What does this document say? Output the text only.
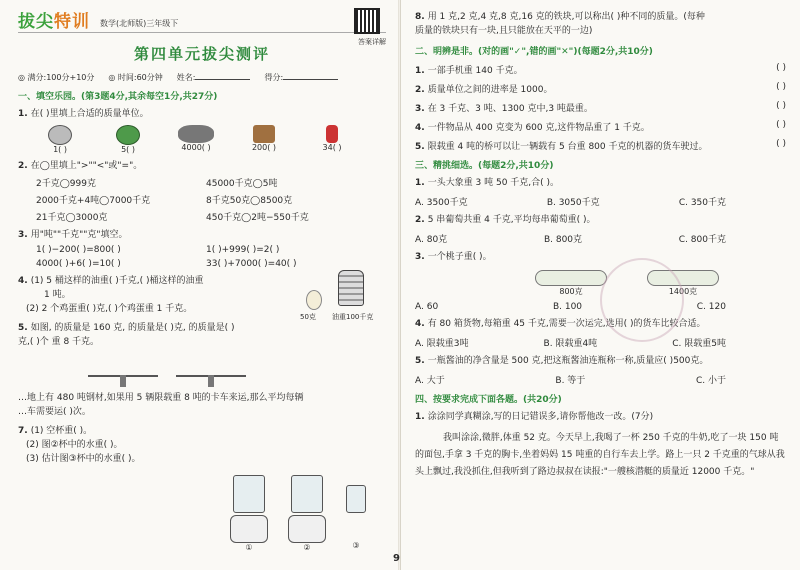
拔尖特训 数学(北师版)三年级下
答案详解
第四单元拔尖测评
◎ 满分:100分+10分 ◎ 时间:60分钟 姓名:	得分:
一、填空乐园。(第3题4分,其余每空1分,共27分)
1. 在( )里填上合适的质量单位。
1( )	5( )	4000( )	200( )	34( )
2. 在◯里填上">""<"或"="。
2千克◯999克	45000千克◯5吨
2000千克+4吨◯7000千克	8千克50克◯8500克
21千克◯3000克	450千克◯2吨−550千克
3. 用"吨""千克""克"填空。
1( )−200( )=800( )	1( )+999( )=2( )
4000( )+6( )=10( )	33( )+7000( )=40( )
4. (1) 5 桶这样的油重( )千克,( )桶这样的油重
1 吨。
(2) 2 个鸡蛋重( )克,( )个鸡蛋重 1 千克。
50克 油重100千克
5. 如图, 的质量是 160 克, 的质量是( )克, 的质量是( )
克,( )个 重 8 千克。
…地上有 480 吨钢材,如果用 5 辆限载重 8 吨的卡车来运,那么平均每辆
…车需要运( )次。
7. (1) 空杯重( )。
(2) 图②杯中的水重( )。
(3) 估计图③杯中的水重( )。
①	②	③
8. 用 1 克,2 克,4 克,8 克,16 克的铁块,可以称出( )种不同的质量。(每种
质量的铁块只有一块,且只能放在天平的一边)
二、明辨是非。(对的画"✓",错的画"✕")(每题2分,共10分)
1. 一部手机重 140 千克。	( )
2. 质量单位之间的进率是 1000。	( )
3. 在 3 千克、3 吨、1300 克中,3 吨最重。	( )
4. 一件物品从 400 克变为 600 克,这件物品重了 1 千克。	( )
5. 限载重 4 吨的桥可以让一辆载有 5 台重 800 千克的机器的货车驶过。	( )
三、精挑细选。(每题2分,共10分)
1. 一头大象重 3 吨 50 千克,合( )。
A. 3500千克	B. 3050千克	C. 350千克
2. 5 串葡萄共重 4 千克,平均每串葡萄重( )。
A. 80克	B. 800克	C. 800千克
3. 一个桃子重( )。
800克	1400克
A. 60	B. 100	C. 120
4. 有 80 箱货物,每箱重 45 千克,需要一次运完,选用( )的货车比较合适。
A. 限载重3吨	B. 限载重4吨	C. 限载重5吨
5. 一瓶酱油的净含量是 500 克,把这瓶酱油连瓶称一称,质量应( )500克。
A. 大于	B. 等于	C. 小于
四、按要求完成下面各题。(共20分)
1. 涂涂同学真糊涂,写的日记错误多,请你帮他改一改。(7分)
我叫涂涂,微胖,体重 52 克。今天早上,我喝了一杯 250 千克的牛奶,吃了一块 150 吨的面包,手拿 3 千克的胸卡,坐着妈妈 15 吨重的自行车去上学。路上一只 2 千克重的气球从我头上飘过,我没抓住,但我听到了路边叔叔在读报:"一艘核潜艇的质量近 12000 千克。"
9
